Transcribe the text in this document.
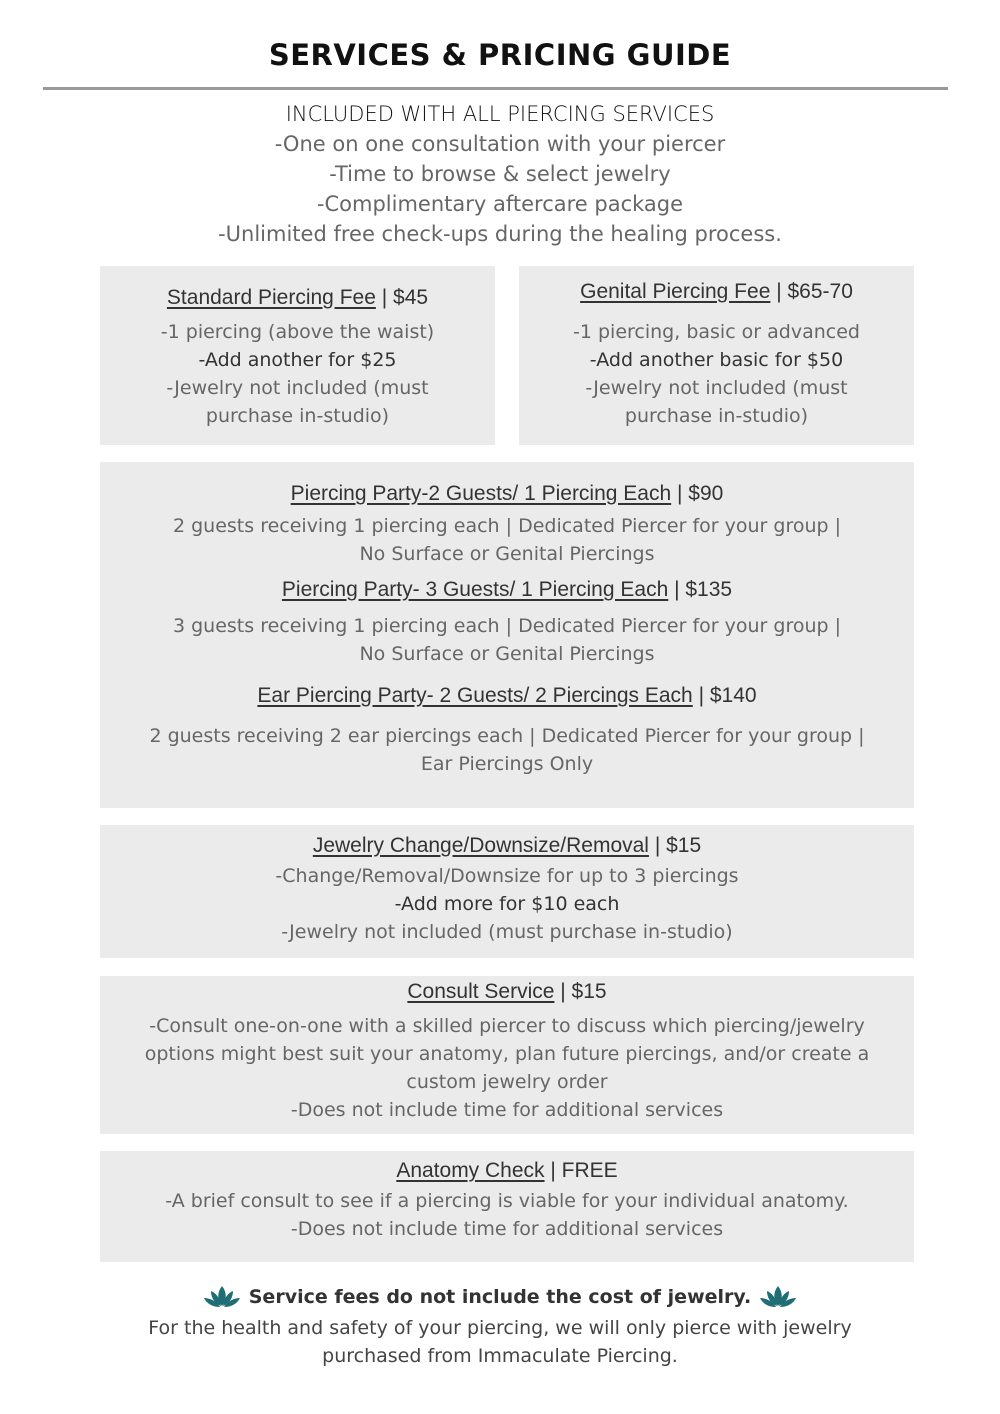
SERVICES & PRICING GUIDE
INCLUDED WITH ALL PIERCING SERVICES
-One on one consultation with your piercer
-Time to browse & select jewelry
-Complimentary aftercare package
-Unlimited free check-ups during the healing process.
Standard Piercing Fee | $45
-1 piercing (above the waist)
-Add another for $25
-Jewelry not included (must
purchase in-studio)
Genital Piercing Fee | $65-70
-1 piercing, basic or advanced
-Add another basic for $50
-Jewelry not included (must
purchase in-studio)
Piercing Party-2 Guests/ 1 Piercing Each | $90
2 guests receiving 1 piercing each | Dedicated Piercer for your group |
No Surface or Genital Piercings
Piercing Party- 3 Guests/ 1 Piercing Each | $135
3 guests receiving 1 piercing each | Dedicated Piercer for your group |
No Surface or Genital Piercings
Ear Piercing Party- 2 Guests/ 2 Piercings Each | $140
2 guests receiving 2 ear piercings each | Dedicated Piercer for your group |
Ear Piercings Only
Jewelry Change/Downsize/Removal | $15
-Change/Removal/Downsize for up to 3 piercings
-Add more for $10 each
-Jewelry not included (must purchase in-studio)
Consult Service | $15
-Consult one-on-one with a skilled piercer to discuss which piercing/jewelry
options might best suit your anatomy, plan future piercings, and/or create a
custom jewelry order
-Does not include time for additional services
Anatomy Check | FREE
-A brief consult to see if a piercing is viable for your individual anatomy.
-Does not include time for additional services
Service fees do not include the cost of jewelry.
For the health and safety of your piercing, we will only pierce with jewelry
purchased from Immaculate Piercing.
